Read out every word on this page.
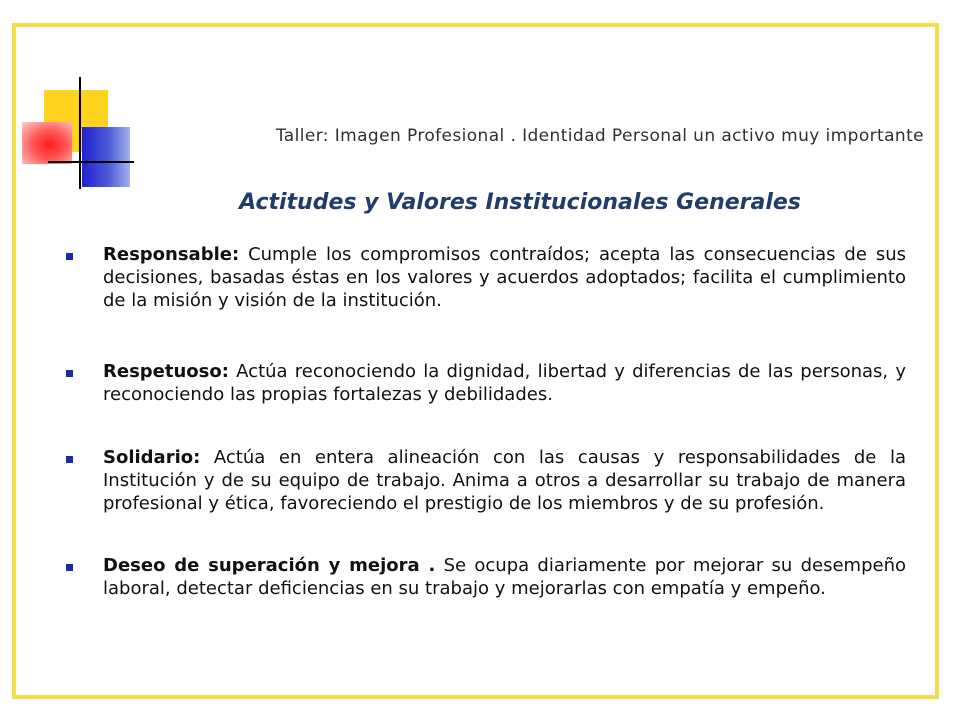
Taller: Imagen Profesional . Identidad Personal un activo muy importante
Actitudes y Valores Institucionales Generales
Responsable: Cumple los compromisos contraídos; acepta las consecuencias de sus decisiones, basadas éstas en los valores y acuerdos adoptados; facilita el cumplimiento de la misión y visión de la institución.
Respetuoso: Actúa reconociendo la dignidad, libertad y diferencias de las personas, y reconociendo las propias fortalezas y debilidades.
Solidario: Actúa en entera alineación con las causas y responsabilidades de la Institución y de su equipo de trabajo. Anima a otros a desarrollar su trabajo de manera profesional y ética, favoreciendo el prestigio de los miembros y de su profesión.
Deseo de superación y mejora . Se ocupa diariamente por mejorar su desempeño laboral, detectar deficiencias en su trabajo y mejorarlas con empatía y empeño.
